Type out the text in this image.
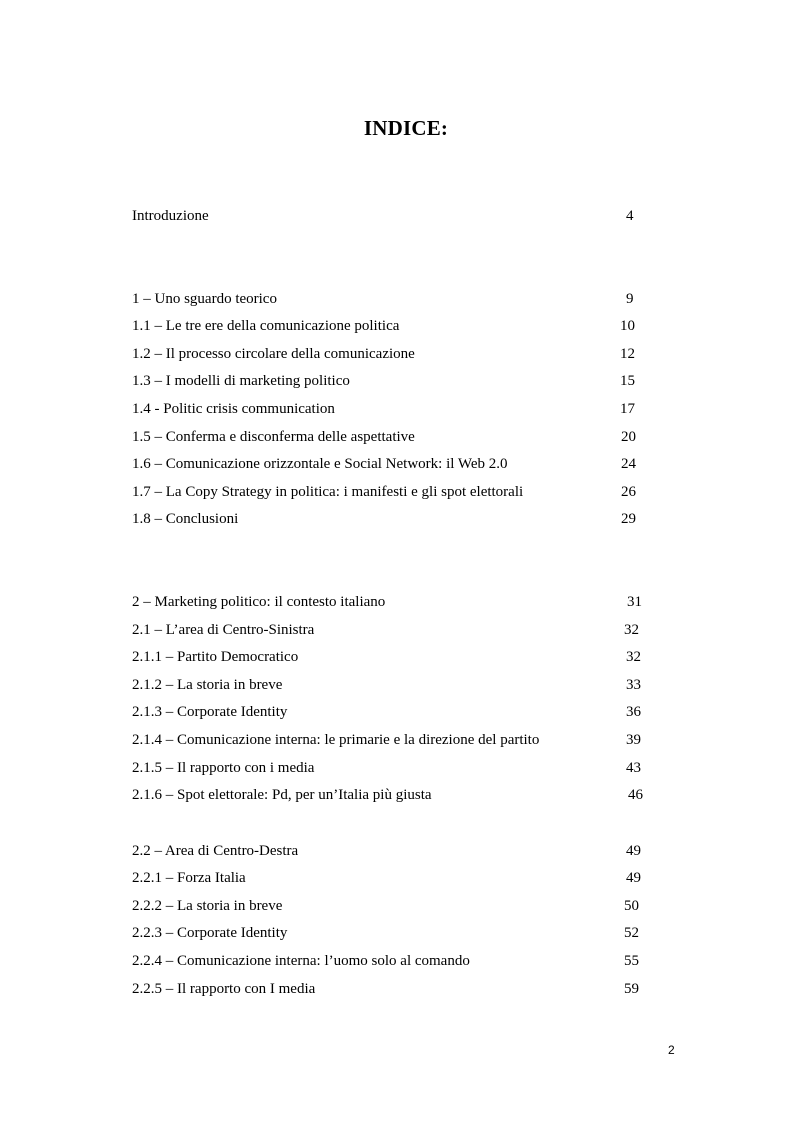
INDICE:
Introduzione	4
1 – Uno sguardo teorico	9
1.1 – Le tre ere della comunicazione politica	10
1.2 – Il processo circolare della comunicazione	12
1.3 – I modelli di marketing politico	15
1.4 - Politic crisis communication	17
1.5 – Conferma e disconferma delle aspettative	20
1.6 – Comunicazione orizzontale e Social Network: il Web 2.0	24
1.7 – La Copy Strategy in politica: i manifesti e gli spot elettorali	26
1.8 – Conclusioni	29
2 – Marketing politico: il contesto italiano	31
2.1 – L’area di Centro-Sinistra	32
2.1.1 – Partito Democratico	32
2.1.2 – La storia in breve	33
2.1.3 – Corporate Identity	36
2.1.4 – Comunicazione interna: le primarie e la direzione del partito	39
2.1.5 – Il rapporto con i media	43
2.1.6 – Spot elettorale: Pd, per un’Italia più giusta	46
2.2 – Area di Centro-Destra	49
2.2.1 – Forza Italia	49
2.2.2 – La storia in breve	50
2.2.3 – Corporate Identity	52
2.2.4 – Comunicazione interna: l’uomo solo al comando	55
2.2.5 – Il rapporto con I media	59
2
